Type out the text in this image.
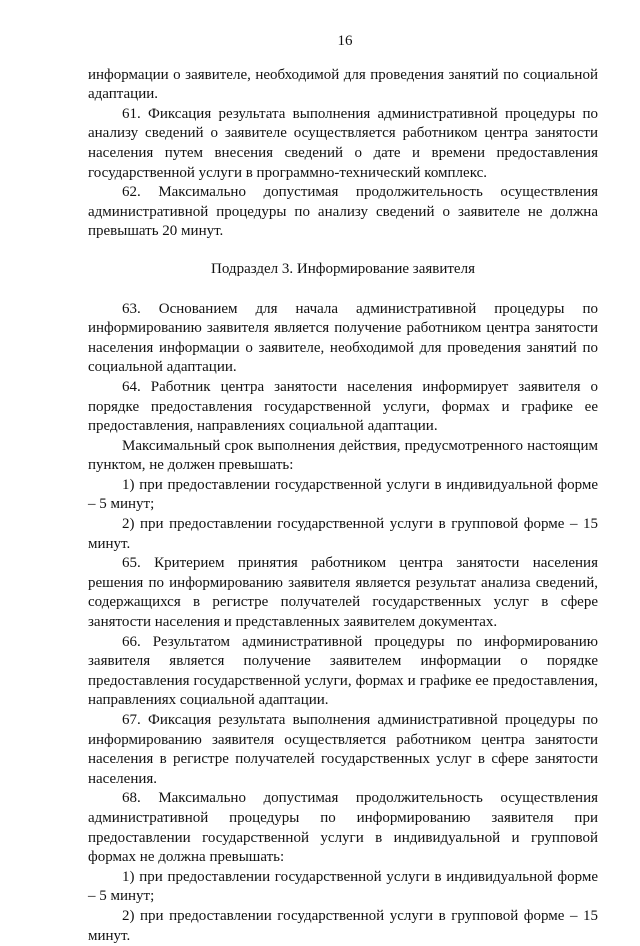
16

информации о заявителе, необходимой для проведения занятий по социальной адаптации.

61. Фиксация результата выполнения административной процедуры по анализу сведений о заявителе осуществляется работником центра занятости населения путем внесения сведений о дате и времени предоставления государственной услуги в программно-технический комплекс.

62. Максимально допустимая продолжительность осуществления административной процедуры по анализу сведений о заявителе не должна превышать 20 минут.

Подраздел 3. Информирование заявителя

63. Основанием для начала административной процедуры по информированию заявителя является получение работником центра занятости населения информации о заявителе, необходимой для проведения занятий по социальной адаптации.

64. Работник центра занятости населения информирует заявителя о порядке предоставления государственной услуги, формах и графике ее предоставления, направлениях социальной адаптации.

Максимальный срок выполнения действия, предусмотренного настоящим пунктом, не должен превышать:

1) при предоставлении государственной услуги в индивидуальной форме – 5 минут;

2) при предоставлении государственной услуги в групповой форме – 15 минут.

65. Критерием принятия работником центра занятости населения решения по информированию заявителя является результат анализа сведений, содержащихся в регистре получателей государственных услуг в сфере занятости населения и представленных заявителем документах.

66. Результатом административной процедуры по информированию заявителя является получение заявителем информации о порядке предоставления государственной услуги, формах и графике ее предоставления, направлениях социальной адаптации.

67. Фиксация результата выполнения административной процедуры по информированию заявителя осуществляется работником центра занятости населения в регистре получателей государственных услуг в сфере занятости населения.

68. Максимально допустимая продолжительность осуществления административной процедуры по информированию заявителя при предоставлении государственной услуги в индивидуальной и групповой формах не должна превышать:

1) при предоставлении государственной услуги в индивидуальной форме – 5 минут;

2) при предоставлении государственной услуги в групповой форме – 15 минут.
